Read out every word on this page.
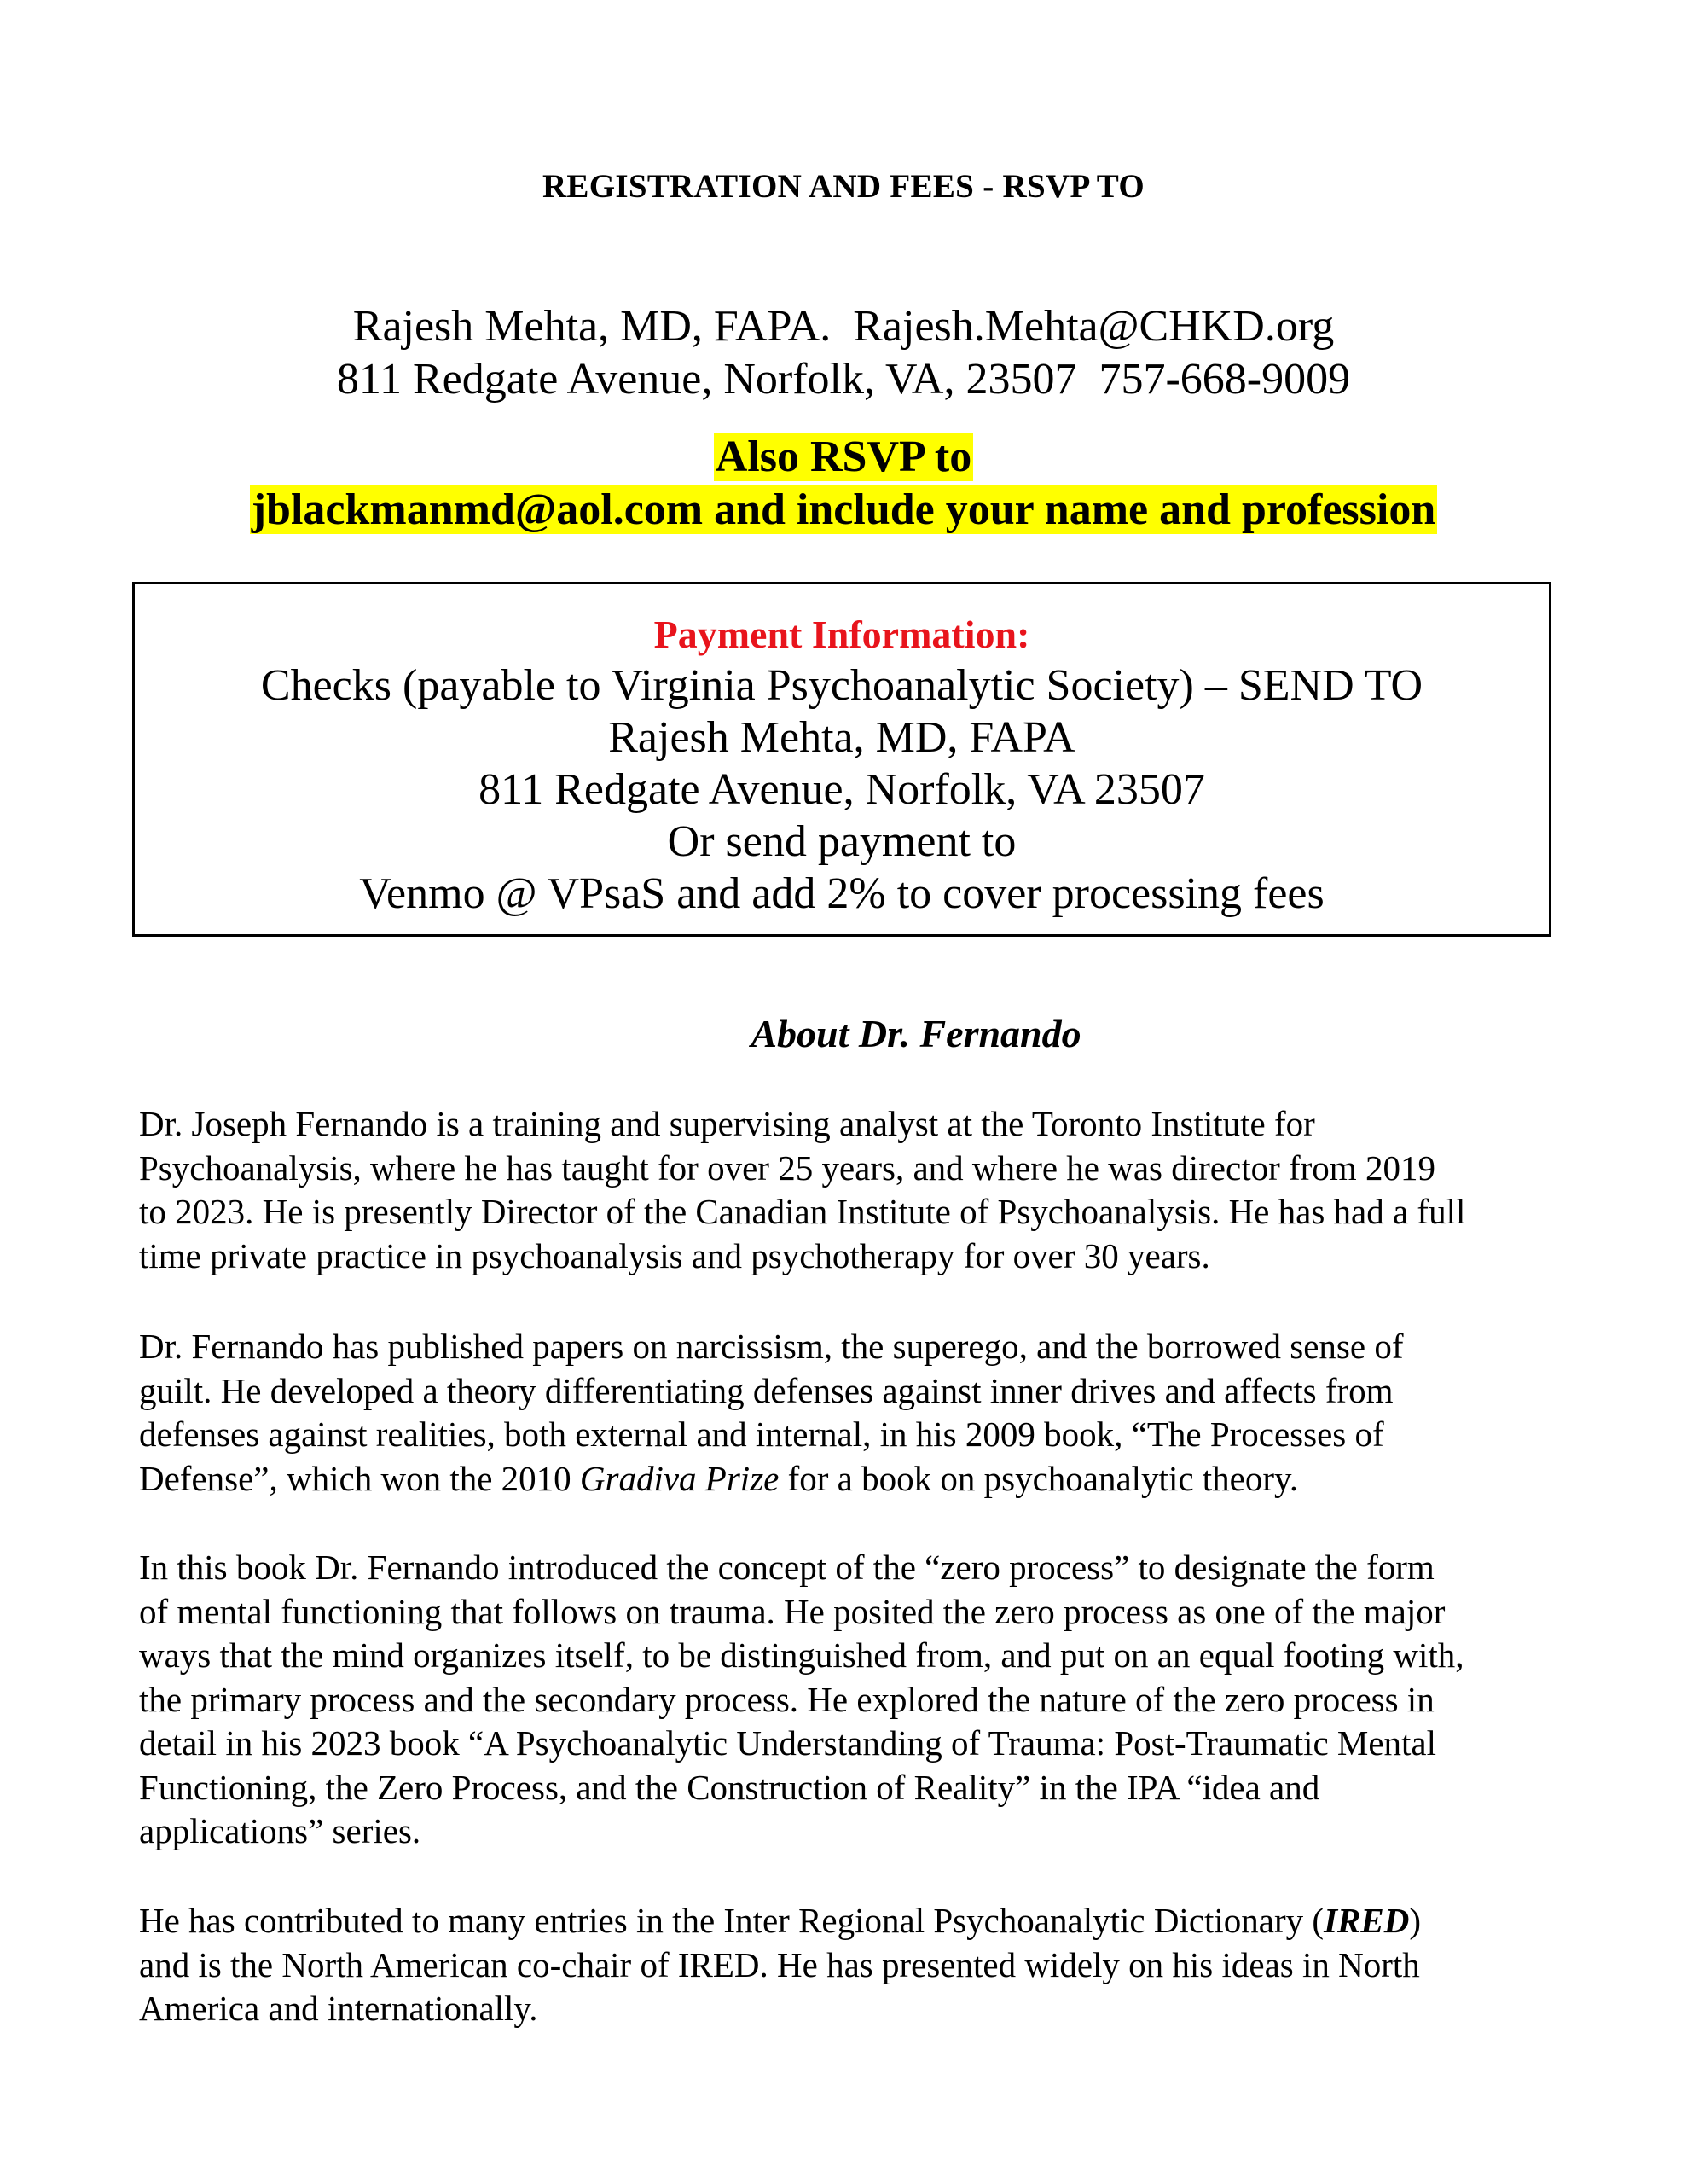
REGISTRATION AND FEES - RSVP TO
Rajesh Mehta, MD, FAPA.  Rajesh.Mehta@CHKD.org
811 Redgate Avenue, Norfolk, VA, 23507  757-668-9009
Also RSVP to
jblackmanmd@aol.com and include your name and profession
Payment Information:
Checks (payable to Virginia Psychoanalytic Society) – SEND TO
Rajesh Mehta, MD, FAPA
811 Redgate Avenue, Norfolk, VA 23507
Or send payment to
Venmo @ VPsaS and add 2% to cover processing fees
About Dr. Fernando
Dr. Joseph Fernando is a training and supervising analyst at the Toronto Institute for
Psychoanalysis, where he has taught for over 25 years, and where he was director from 2019
to 2023. He is presently Director of the Canadian Institute of Psychoanalysis. He has had a full
time private practice in psychoanalysis and psychotherapy for over 30 years.
Dr. Fernando has published papers on narcissism, the superego, and the borrowed sense of
guilt. He developed a theory differentiating defenses against inner drives and affects from
defenses against realities, both external and internal, in his 2009 book, “The Processes of
Defense”, which won the 2010 Gradiva Prize for a book on psychoanalytic theory.
In this book Dr. Fernando introduced the concept of the “zero process” to designate the form
of mental functioning that follows on trauma. He posited the zero process as one of the major
ways that the mind organizes itself, to be distinguished from, and put on an equal footing with,
the primary process and the secondary process. He explored the nature of the zero process in
detail in his 2023 book “A Psychoanalytic Understanding of Trauma: Post-Traumatic Mental
Functioning, the Zero Process, and the Construction of Reality” in the IPA “idea and
applications” series.
He has contributed to many entries in the Inter Regional Psychoanalytic Dictionary (IRED)
and is the North American co-chair of IRED. He has presented widely on his ideas in North
America and internationally.
